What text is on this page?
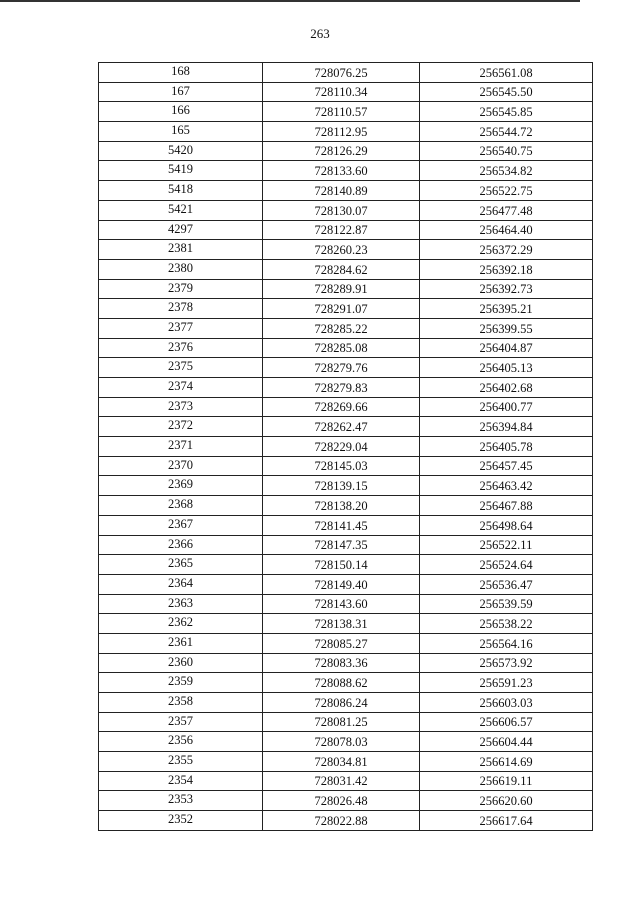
263
168	728076.25	256561.08
167	728110.34	256545.50
166	728110.57	256545.85
165	728112.95	256544.72
5420	728126.29	256540.75
5419	728133.60	256534.82
5418	728140.89	256522.75
5421	728130.07	256477.48
4297	728122.87	256464.40
2381	728260.23	256372.29
2380	728284.62	256392.18
2379	728289.91	256392.73
2378	728291.07	256395.21
2377	728285.22	256399.55
2376	728285.08	256404.87
2375	728279.76	256405.13
2374	728279.83	256402.68
2373	728269.66	256400.77
2372	728262.47	256394.84
2371	728229.04	256405.78
2370	728145.03	256457.45
2369	728139.15	256463.42
2368	728138.20	256467.88
2367	728141.45	256498.64
2366	728147.35	256522.11
2365	728150.14	256524.64
2364	728149.40	256536.47
2363	728143.60	256539.59
2362	728138.31	256538.22
2361	728085.27	256564.16
2360	728083.36	256573.92
2359	728088.62	256591.23
2358	728086.24	256603.03
2357	728081.25	256606.57
2356	728078.03	256604.44
2355	728034.81	256614.69
2354	728031.42	256619.11
2353	728026.48	256620.60
2352	728022.88	256617.64
